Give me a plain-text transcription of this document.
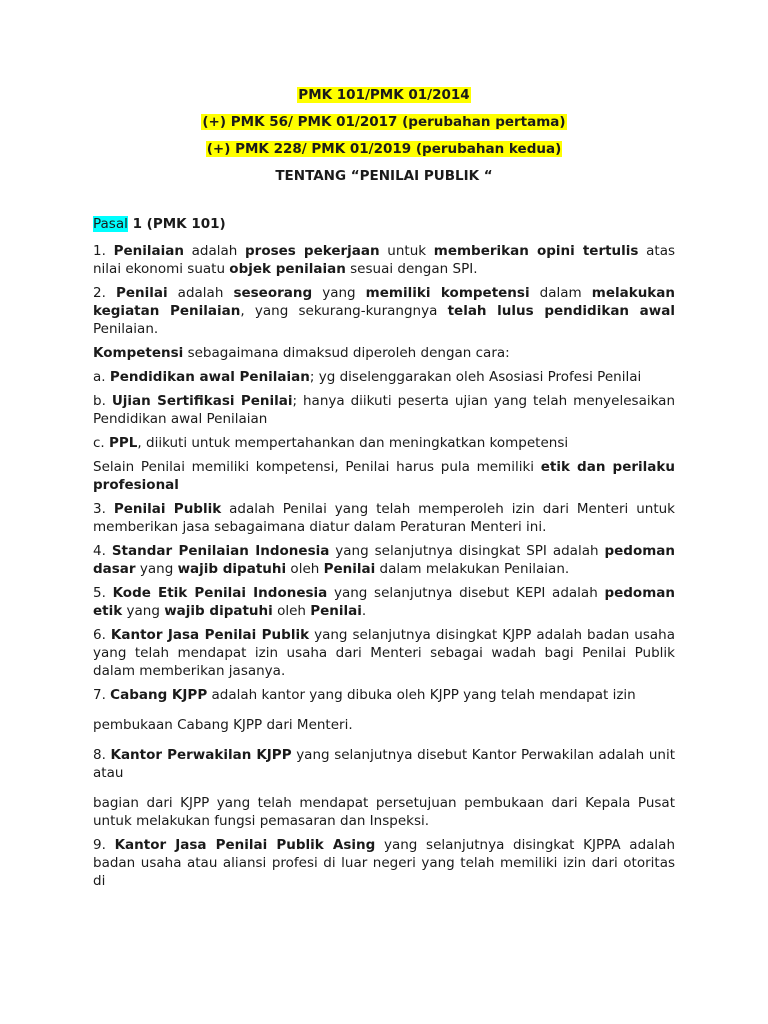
PMK 101/PMK 01/2014
(+) PMK 56/ PMK 01/2017 (perubahan pertama)
(+) PMK 228/ PMK 01/2019 (perubahan kedua)
TENTANG “PENILAI PUBLIK “
Pasal 1 (PMK 101)

1. Penilaian adalah proses pekerjaan untuk memberikan opini tertulis atas nilai ekonomi suatu objek penilaian sesuai dengan SPI.

2. Penilai adalah seseorang yang memiliki kompetensi dalam melakukan kegiatan Penilaian, yang sekurang-kurangnya telah lulus pendidikan awal Penilaian.

Kompetensi sebagaimana dimaksud diperoleh dengan cara:

a. Pendidikan awal Penilaian; yg diselenggarakan oleh Asosiasi Profesi Penilai

b. Ujian Sertifikasi Penilai; hanya diikuti peserta ujian yang telah menyelesaikan Pendidikan awal Penilaian

c. PPL, diikuti untuk mempertahankan dan meningkatkan kompetensi

Selain Penilai memiliki kompetensi, Penilai harus pula memiliki etik dan perilaku profesional

3. Penilai Publik adalah Penilai yang telah memperoleh izin dari Menteri untuk memberikan jasa sebagaimana diatur dalam Peraturan Menteri ini.

4. Standar Penilaian Indonesia yang selanjutnya disingkat SPI adalah pedoman dasar yang wajib dipatuhi oleh Penilai dalam melakukan Penilaian.

5. Kode Etik Penilai Indonesia yang selanjutnya disebut KEPI adalah pedoman etik yang wajib dipatuhi oleh Penilai.

6. Kantor Jasa Penilai Publik yang selanjutnya disingkat KJPP adalah badan usaha yang telah mendapat izin usaha dari Menteri sebagai wadah bagi Penilai Publik dalam memberikan jasanya.

7. Cabang KJPP adalah kantor yang dibuka oleh KJPP yang telah mendapat izin

pembukaan Cabang KJPP dari Menteri.

8. Kantor Perwakilan KJPP yang selanjutnya disebut Kantor Perwakilan adalah unit atau

bagian dari KJPP yang telah mendapat persetujuan pembukaan dari Kepala Pusat untuk melakukan fungsi pemasaran dan Inspeksi.

9. Kantor Jasa Penilai Publik Asing yang selanjutnya disingkat KJPPA adalah badan usaha atau aliansi profesi di luar negeri yang telah memiliki izin dari otoritas di
